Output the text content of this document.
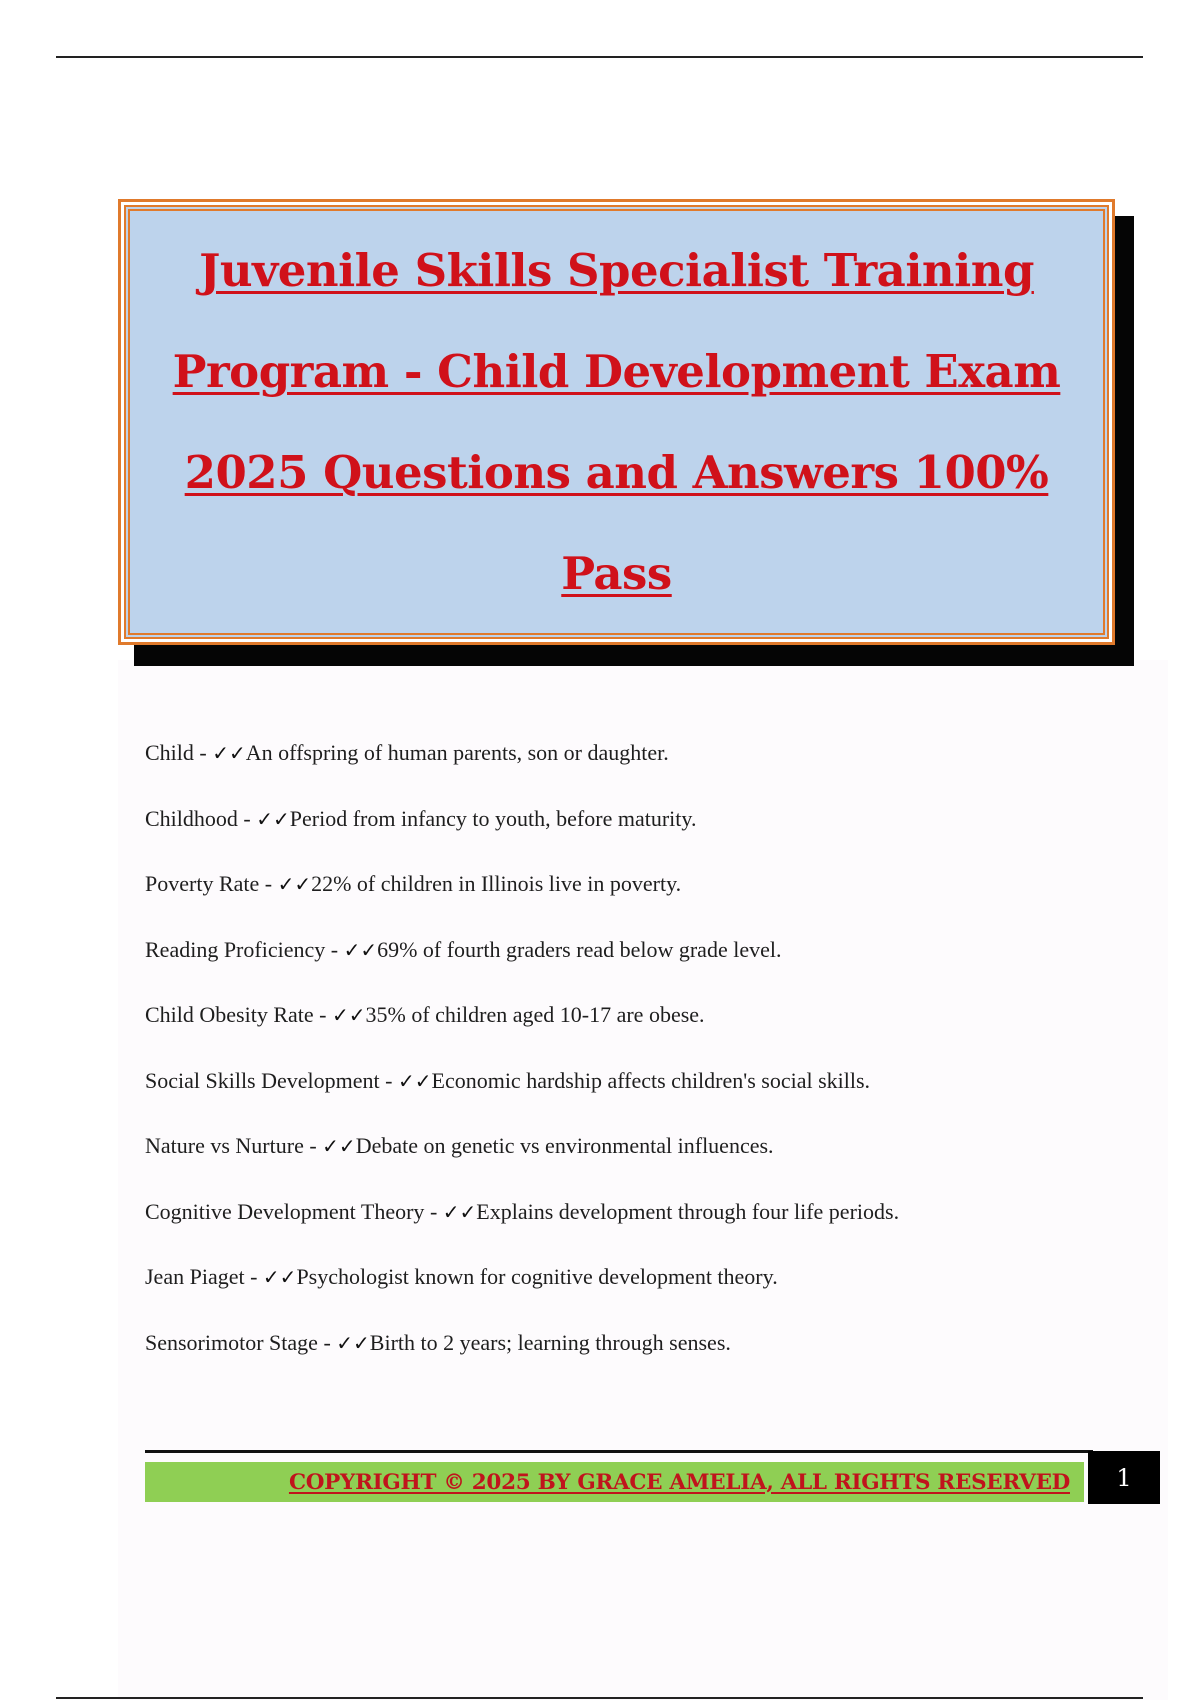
Juvenile Skills Specialist Training Program - Child Development Exam 2025 Questions and Answers 100% Pass
Child - ✓✓An offspring of human parents, son or daughter.
Childhood - ✓✓Period from infancy to youth, before maturity.
Poverty Rate - ✓✓22% of children in Illinois live in poverty.
Reading Proficiency - ✓✓69% of fourth graders read below grade level.
Child Obesity Rate - ✓✓35% of children aged 10-17 are obese.
Social Skills Development - ✓✓Economic hardship affects children's social skills.
Nature vs Nurture - ✓✓Debate on genetic vs environmental influences.
Cognitive Development Theory - ✓✓Explains development through four life periods.
Jean Piaget - ✓✓Psychologist known for cognitive development theory.
Sensorimotor Stage - ✓✓Birth to 2 years; learning through senses.
COPYRIGHT © 2025 BY GRACE AMELIA, ALL RIGHTS RESERVED	1
